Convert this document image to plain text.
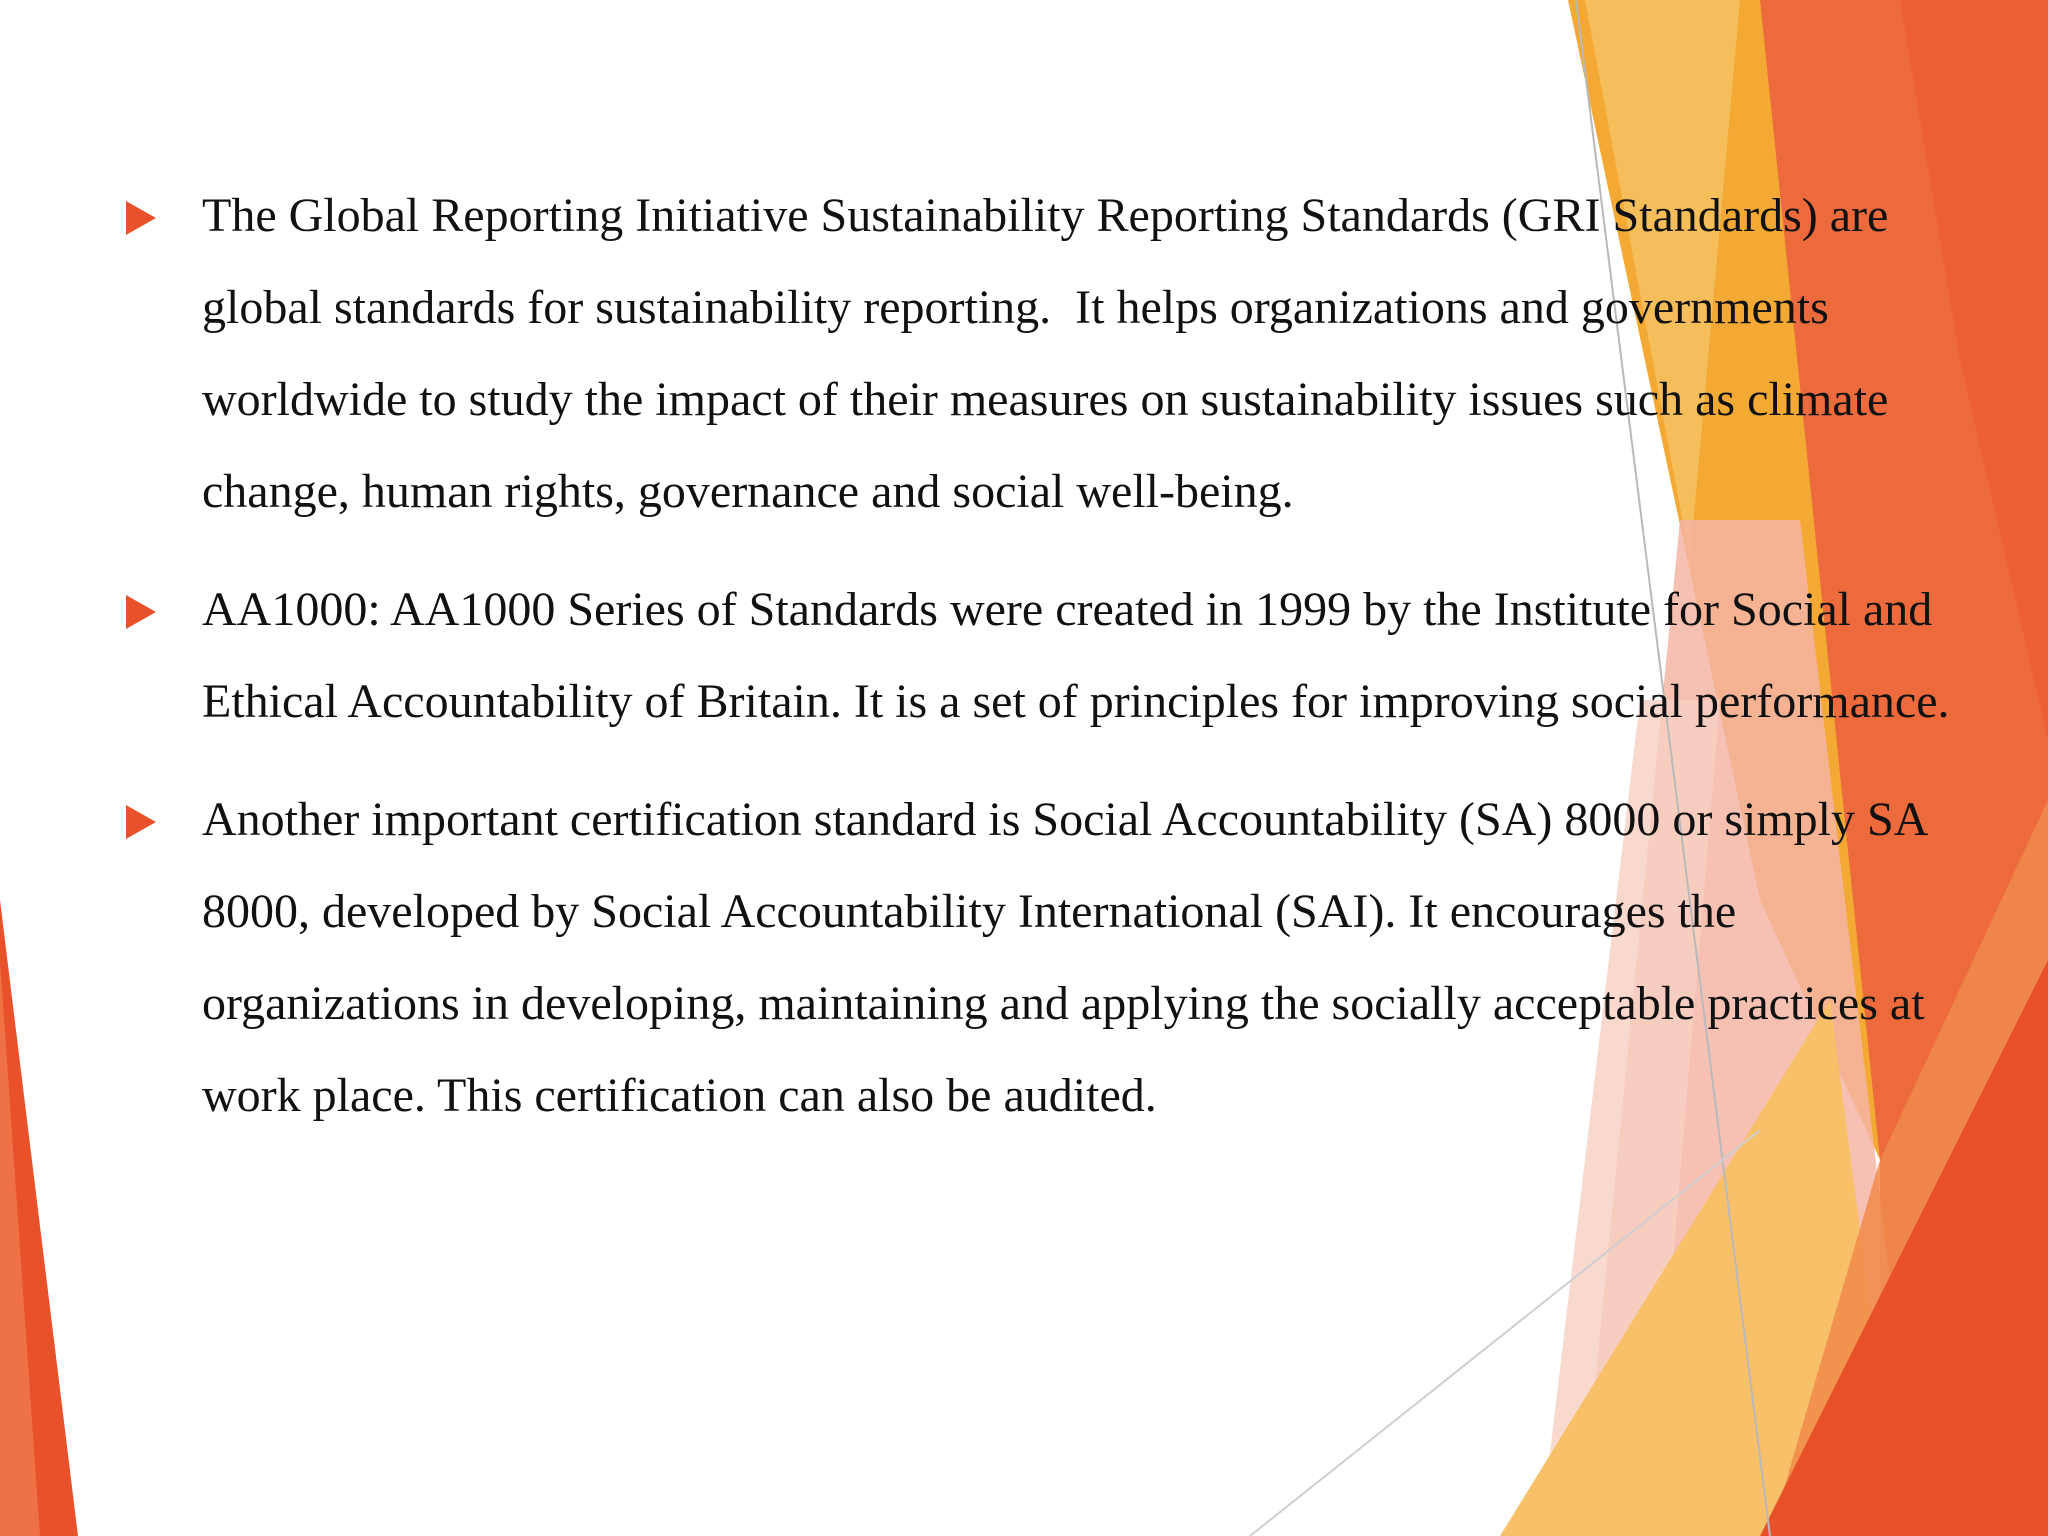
The Global Reporting Initiative Sustainability Reporting Standards (GRI Standards) are global standards for sustainability reporting.  It helps organizations and governments worldwide to study the impact of their measures on sustainability issues such as climate change, human rights, governance and social well-being.
AA1000: AA1000 Series of Standards were created in 1999 by the Institute for Social and Ethical Accountability of Britain. It is a set of principles for improving social performance.
Another important certification standard is Social Accountability (SA) 8000 or simply SA 8000, developed by Social Accountability International (SAI). It encourages the organizations in developing, maintaining and applying the socially acceptable practices at work place. This certification can also be audited.
